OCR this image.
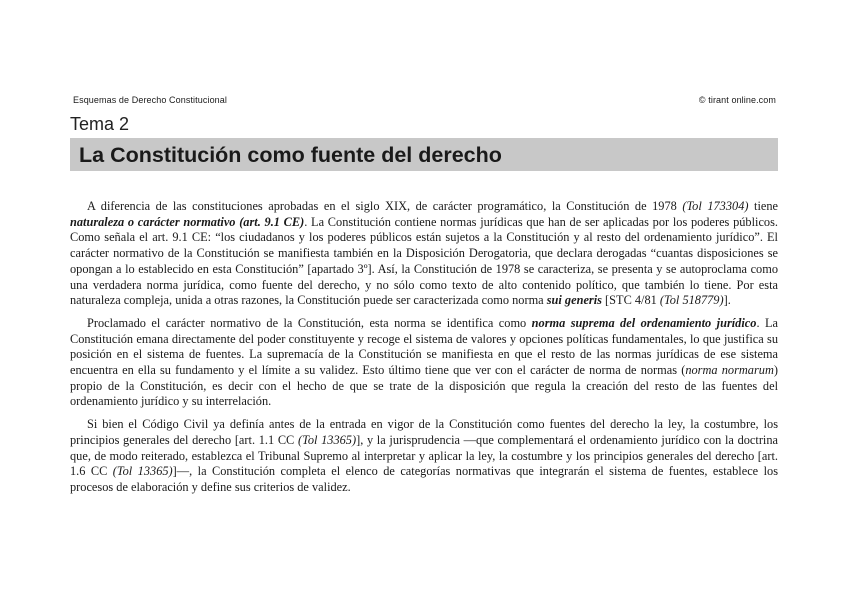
Esquemas de Derecho Constitucional	© tirant online.com
Tema 2
La Constitución como fuente del derecho

A diferencia de las constituciones aprobadas en el siglo XIX, de carácter programático, la Constitución de 1978 (Tol 173304) tiene naturaleza o carácter normativo (art. 9.1 CE). La Constitución contiene normas jurídicas que han de ser aplicadas por los poderes públicos. Como señala el art. 9.1 CE: “los ciudadanos y los poderes públicos están sujetos a la Constitución y al resto del ordenamiento jurídico”. El carácter normativo de la Constitución se manifiesta también en la Disposición Derogatoria, que declara derogadas “cuantas disposiciones se opongan a lo establecido en esta Constitución” [apartado 3º]. Así, la Constitución de 1978 se caracteriza, se presenta y se autoproclama como una verdadera norma jurídica, como fuente del derecho, y no sólo como texto de alto contenido político, que también lo tiene. Por esta naturaleza compleja, unida a otras razones, la Constitución puede ser caracterizada como norma sui generis [STC 4/81 (Tol 518779)].

Proclamado el carácter normativo de la Constitución, esta norma se identifica como norma suprema del ordenamiento jurídico. La Constitución emana directamente del poder constituyente y recoge el sistema de valores y opciones políticas fundamentales, lo que justifica su posición en el sistema de fuentes. La supremacía de la Constitución se manifiesta en que el resto de las normas jurídicas de ese sistema encuentra en ella su fundamento y el límite a su validez. Esto último tiene que ver con el carácter de norma de normas (norma normarum) propio de la Constitución, es decir con el hecho de que se trate de la disposición que regula la creación del resto de las fuentes del ordenamiento jurídico y su interrelación.

Si bien el Código Civil ya definía antes de la entrada en vigor de la Constitución como fuentes del derecho la ley, la costumbre, los principios generales del derecho [art. 1.1 CC (Tol 13365)], y la jurisprudencia —que complementará el ordenamiento jurídico con la doctrina que, de modo reiterado, establezca el Tribunal Supremo al interpretar y aplicar la ley, la costumbre y los principios generales del derecho [art. 1.6 CC (Tol 13365)]—, la Constitución completa el elenco de categorías normativas que integrarán el sistema de fuentes, establece los procesos de elaboración y define sus criterios de validez.
